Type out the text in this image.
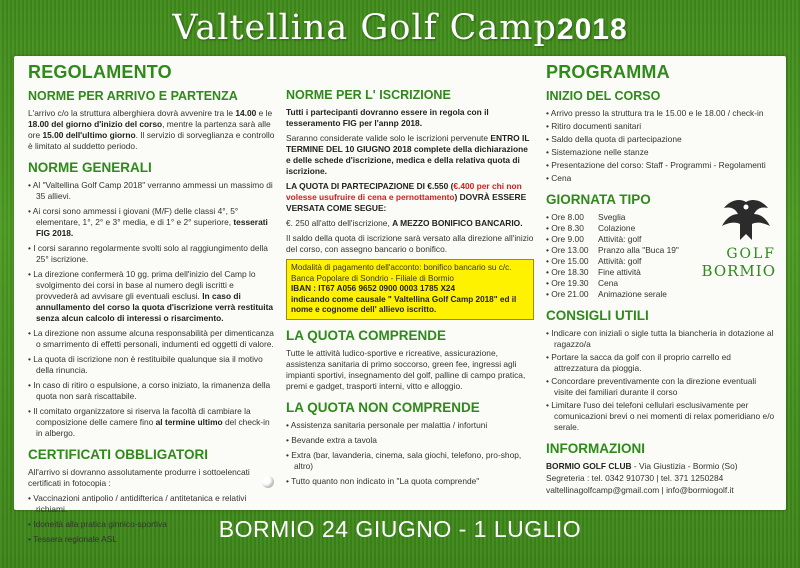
Valtellina Golf Camp2018
REGOLAMENTO
NORME PER ARRIVO E PARTENZA

L'arrivo c/o la struttura alberghiera dovrà avvenire tra le 14.00 e le 18.00 del giorno d'inizio del corso, mentre la partenza sarà alle ore 15.00 dell'ultimo giorno. Il servizio di sorveglianza e controllo è limitato al suddetto periodo.

NORME GENERALI

• Al "Valtellina Golf Camp 2018" verranno ammessi un massimo di 35 allievi.

• Ai corsi sono ammessi i giovani (M/F) delle classi 4°, 5° elementare, 1°, 2° e 3° media, e di 1° e 2° superiore, tesserati FIG 2018.

• I corsi saranno regolarmente svolti solo al raggiungimento della 25° iscrizione.

• La direzione confermerà 10 gg. prima dell'inizio del Camp lo svolgimento dei corsi in base al numero degli iscritti e provvederà ad avvisare gli eventuali esclusi. In caso di annullamento del corso la quota d'iscrizione verrà restituita senza alcun calcolo di interessi o risarcimento.

• La direzione non assume alcuna responsabilità per dimenticanza o smarrimento di effetti personali, indumenti ed oggetti di valore.

• La quota di iscrizione non è restituibile qualunque sia il motivo della rinuncia.

• In caso di ritiro o espulsione, a corso iniziato, la rimanenza della quota non sarà riscattabile.

• Il comitato organizzatore si riserva la facoltà di cambiare la composizione delle camere fino al termine ultimo del check-in in albergo.

CERTIFICATI OBBLIGATORI

All'arrivo si dovranno assolutamente produrre i sottoelencati certificati in fotocopia :

• Vaccinazioni antipolio / antidifterica / antitetanica e relativi richiami.

• Idoneità alla pratica ginnico-sportiva

• Tessera regionale ASL

NORME PER L' ISCRIZIONE

Tutti i partecipanti dovranno essere in regola con il tesseramento FIG per l'annp 2018.

Saranno considerate valide solo le iscrizioni pervenute ENTRO IL TERMINE DEL 10 GIUGNO 2018 complete della dichiarazione e delle schede d'iscrizione, medica e della relativa quota di iscrizione.

LA QUOTA DI PARTECIPAZIONE DI €.550 (€.400 per chi non volesse usufruire di cena e pernottamento) DOVRÀ ESSERE VERSATA COME SEGUE:

€. 250 all'atto dell'iscrizione, A MEZZO BONIFICO BANCARIO.

Il saldo della quota di iscrizione sarà versato alla direzione all'inizio del corso, con assegno bancario o bonifico.

Modalità di pagamento dell'acconto: bonifico bancario su c/c. Banca Popolare di Sondrio - Filiale di Bormio
IBAN : IT67 A056 9652 0900 0003 1785 X24
indicando come causale " Valtellina Golf Camp 2018" ed il nome e cognome dell' allievo iscritto.
LA QUOTA COMPRENDE

Tutte le attività ludico-sportive e ricreative, assicurazione, assistenza sanitaria di primo soccorso, green fee, ingressi agli impianti sportivi, insegnamento del golf, palline di campo pratica, premi e gadget, trasporti interni, vitto e alloggio.

LA QUOTA NON COMPRENDE

• Assistenza sanitaria personale per malattia / infortuni

• Bevande extra a tavola

• Extra (bar, lavanderia, cinema, sala giochi, telefono, pro-shop, altro)

• Tutto quanto non indicato in "La quota comprende"

PROGRAMMA
INIZIO DEL CORSO

• Arrivo presso la struttura tra le 15.00 e le 18.00 / check-in

• Ritiro documenti sanitari

• Saldo della quota di partecipazione

• Sistemazione nelle stanze

• Presentazione del corso: Staff - Programmi - Regolamenti

• Cena

GIORNATA TIPO
• Ore 8.00	Sveglia
• Ore 8.30	Colazione
• Ore 9.00	Attività: golf
• Ore 13.00	Pranzo alla "Buca 19"
• Ore 15.00	Attività: golf
• Ore 18.30	Fine attività
• Ore 19.30	Cena
• Ore 21.00	Animazione serale
CONSIGLI UTILI

• Indicare con iniziali o sigle tutta la biancheria in dotazione al ragazzo/a

• Portare la sacca da golf con il proprio carrello ed attrezzatura da pioggia.

• Concordare preventivamente con la direzione eventuali visite dei familiari durante il corso

• Limitare l'uso dei telefoni cellulari esclusivamente per comunicazioni brevi o nei momenti di relax pomeridiano e/o serale.

INFORMAZIONI

BORMIO GOLF CLUB - Via Giustizia - Bormio (So)

Segreteria : tel. 0342 910730 | tel. 371 1250284

valtellinagolfcamp@gmail.com | info@bormiogolf.it

GOLF
BORMIO
BORMIO 24 GIUGNO - 1 LUGLIO
